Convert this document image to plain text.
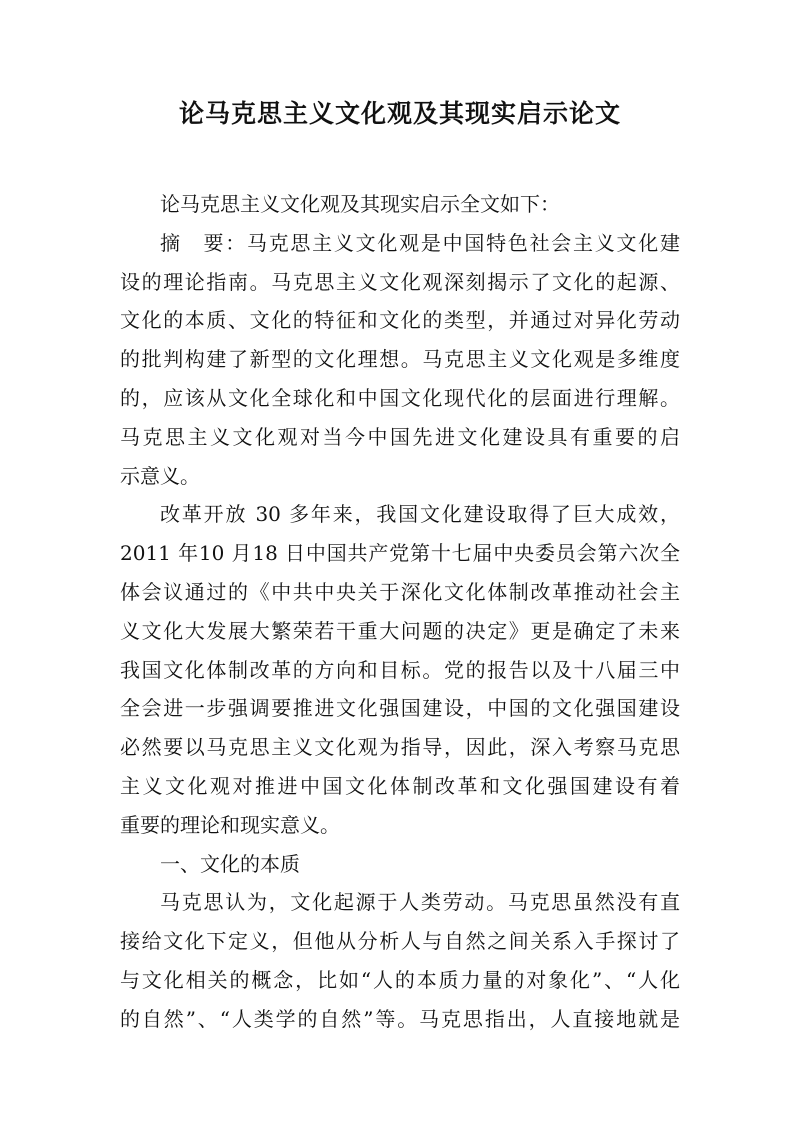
论马克思主义文化观及其现实启示论文

论马克思主义文化观及其现实启示全文如下：

摘　要：马克思主义文化观是中国特色社会主义文化建

设的理论指南。马克思主义文化观深刻揭示了文化的起源、

文化的本质、文化的特征和文化的类型，并通过对异化劳动

的批判构建了新型的文化理想。马克思主义文化观是多维度

的，应该从文化全球化和中国文化现代化的层面进行理解。

马克思主义文化观对当今中国先进文化建设具有重要的启

示意义。

改革开放 30 多年来，我国文化建设取得了巨大成效，

2011 年10 月18 日中国共产党第十七届中央委员会第六次全

体会议通过的《中共中央关于深化文化体制改革推动社会主

义文化大发展大繁荣若干重大问题的决定》更是确定了未来

我国文化体制改革的方向和目标。党的报告以及十八届三中

全会进一步强调要推进文化强国建设，中国的文化强国建设

必然要以马克思主义文化观为指导，因此，深入考察马克思

主义文化观对推进中国文化体制改革和文化强国建设有着

重要的理论和现实意义。

一、文化的本质

马克思认为，文化起源于人类劳动。马克思虽然没有直

接给文化下定义，但他从分析人与自然之间关系入手探讨了

与文化相关的概念，比如“人的本质力量的对象化”、“人化

的自然”、“人类学的自然”等。马克思指出，人直接地就是
